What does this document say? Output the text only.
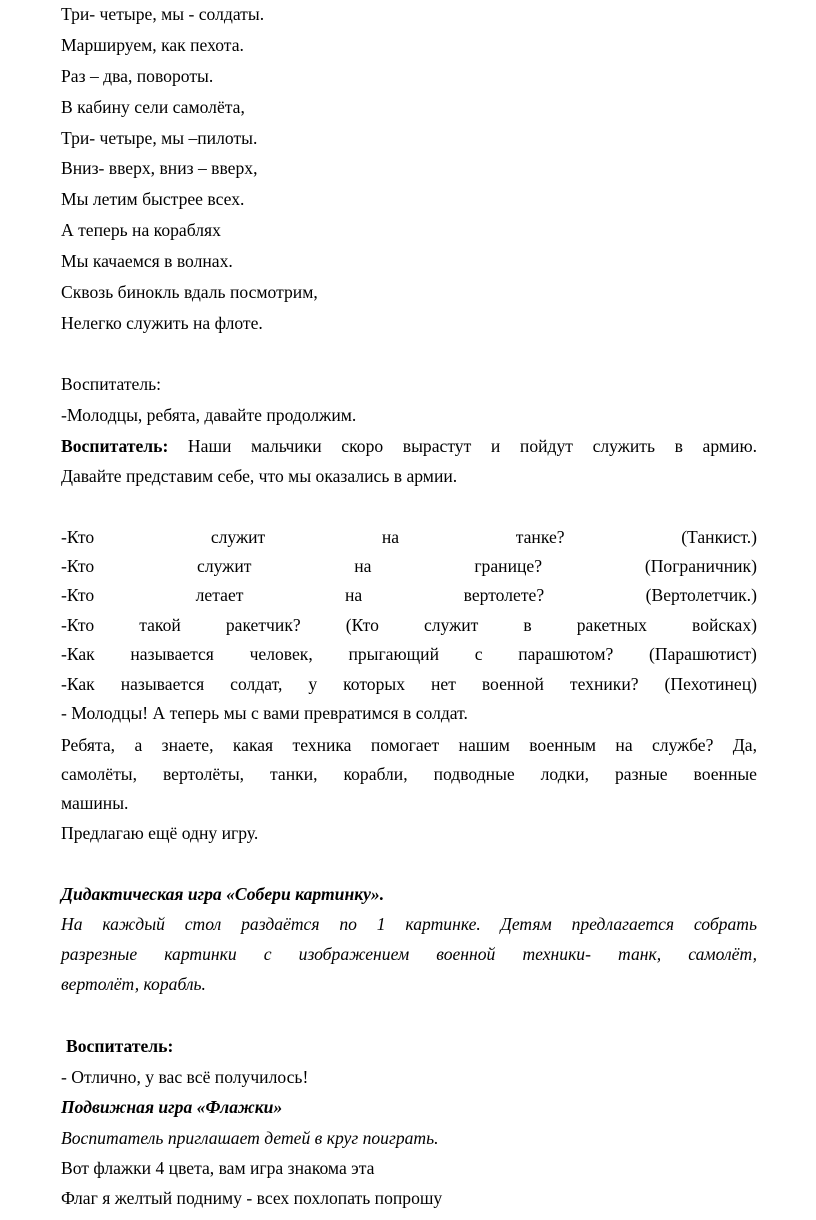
Три- четыре, мы - солдаты.
Маршируем, как пехота.
Раз – два, повороты.
В кабину сели самолёта,
Три- четыре, мы –пилоты.
Вниз- вверх, вниз – вверх,
Мы летим быстрее всех.
А теперь на кораблях
Мы качаемся в волнах.
Сквозь бинокль вдаль посмотрим,
Нелегко служить на флоте.
Воспитатель:
-Молодцы, ребята, давайте продолжим.
Воспитатель: Наши мальчики скоро вырастут и пойдут служить в армию.
Давайте представим себе, что мы оказались в армии.
-Кто	служит	на	танке?	(Танкист.)
-Кто	служит	на	границе?	(Пограничник)
-Кто	летает	на	вертолете?	(Вертолетчик.)
-Кто	такой	ракетчик?	(Кто	служит	в	ракетных	войсках)
-Как называется человек, прыгающий с парашютом? (Парашютист)
-Как называется солдат, у которых нет военной техники? (Пехотинец)
- Молодцы! А теперь мы с вами превратимся в солдат.
Ребята, а знаете, какая техника помогает нашим военным на службе? Да,
самолёты, вертолёты, танки, корабли, подводные лодки, разные военные
машины.
Предлагаю ещё одну игру.
Дидактическая игра «Собери картинку».
На каждый стол раздаётся по 1 картинке. Детям предлагается собрать
разрезные картинки с изображением военной техники- танк, самолёт,
вертолёт, корабль.
Воспитатель:
- Отлично, у вас всё получилось!
Подвижная игра «Флажки»
Воспитатель приглашает детей в круг поиграть.
Вот флажки 4 цвета, вам игра знакома эта
Флаг я желтый подниму - всех похлопать попрошу
